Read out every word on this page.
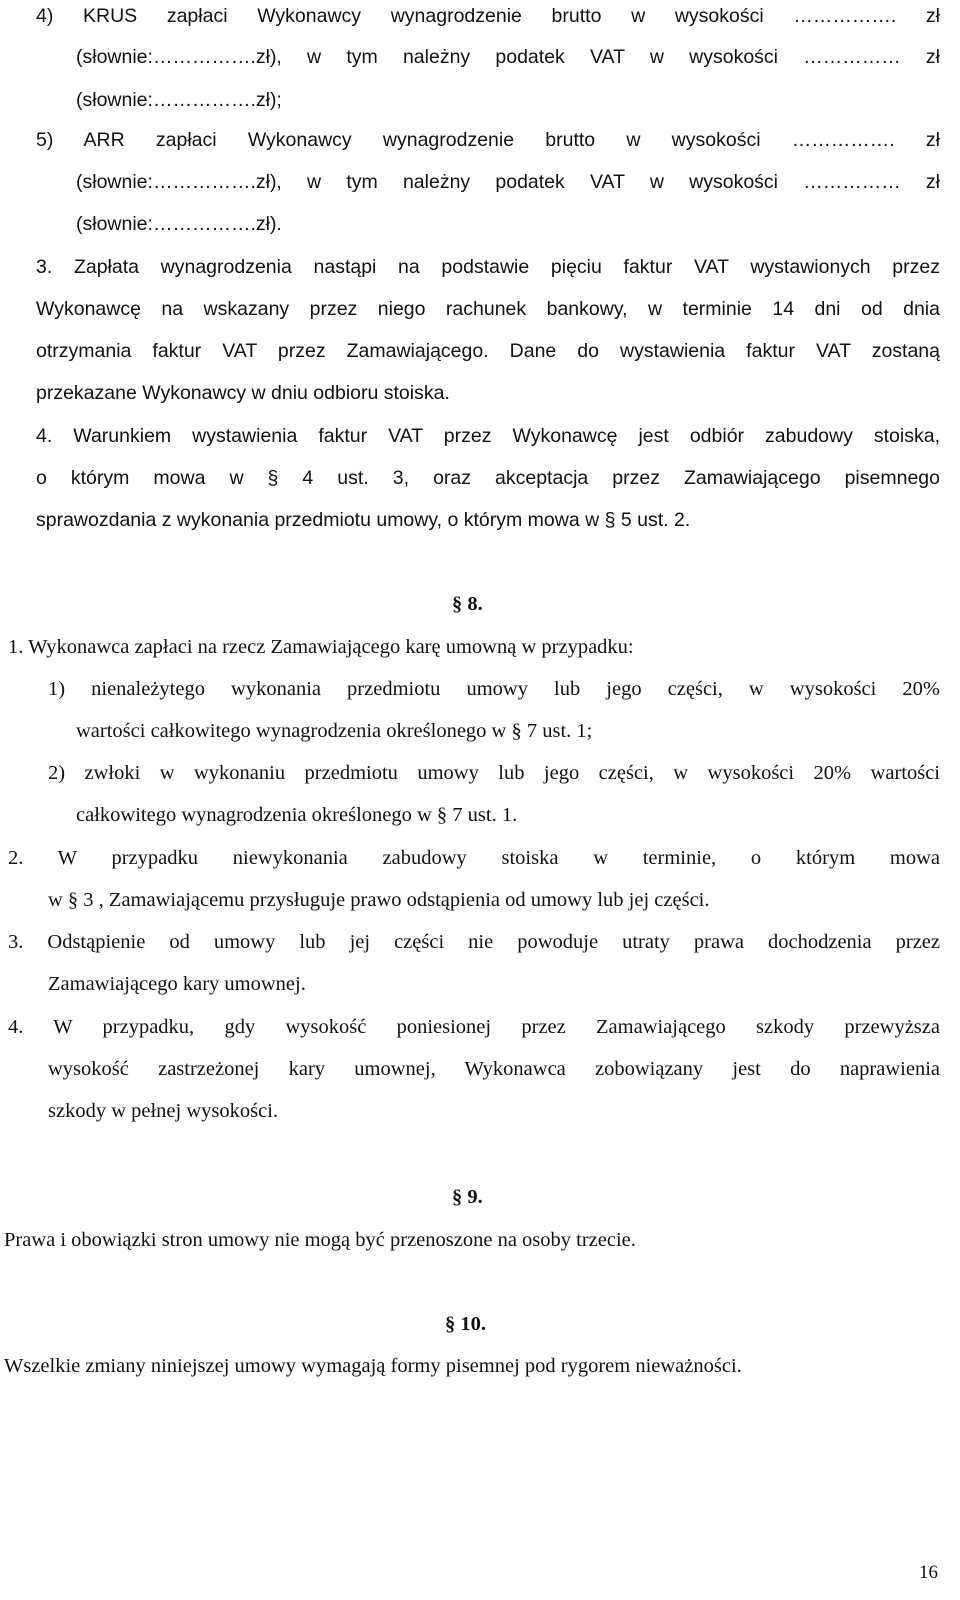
4) KRUS zapłaci Wykonawcy wynagrodzenie brutto w wysokości ……………. zł
(słownie:…………….zł), w tym należny podatek VAT w wysokości …………… zł
(słownie:…………….zł);
5) ARR zapłaci Wykonawcy wynagrodzenie brutto w wysokości ……………. zł
(słownie:…………….zł), w tym należny podatek VAT w wysokości …………… zł
(słownie:…………….zł).
3. Zapłata wynagrodzenia nastąpi na podstawie pięciu faktur VAT wystawionych przez
Wykonawcę na wskazany przez niego rachunek bankowy, w terminie 14 dni od dnia
otrzymania faktur VAT przez Zamawiającego. Dane do wystawienia faktur VAT zostaną
przekazane Wykonawcy w dniu odbioru stoiska.
4. Warunkiem wystawienia faktur VAT przez Wykonawcę jest odbiór zabudowy stoiska,
o którym mowa w § 4 ust. 3, oraz akceptacja przez Zamawiającego pisemnego
sprawozdania z wykonania przedmiotu umowy, o którym mowa w § 5 ust. 2.
§ 8.
1. Wykonawca zapłaci na rzecz Zamawiającego karę umowną w przypadku:
1) nienależytego wykonania przedmiotu umowy lub jego części, w wysokości 20%
wartości całkowitego wynagrodzenia określonego w § 7 ust. 1;
2) zwłoki w wykonaniu przedmiotu umowy lub jego części, w wysokości 20% wartości
całkowitego wynagrodzenia określonego w § 7 ust. 1.
2. W przypadku niewykonania zabudowy stoiska w terminie, o którym mowa
w § 3 , Zamawiającemu przysługuje prawo odstąpienia od umowy lub jej części.
3. Odstąpienie od umowy lub jej części nie powoduje utraty prawa dochodzenia przez
Zamawiającego kary umownej.
4. W przypadku, gdy wysokość poniesionej przez Zamawiającego szkody przewyższa
wysokość zastrzeżonej kary umownej, Wykonawca zobowiązany jest do naprawienia
szkody w pełnej wysokości.
§ 9.
Prawa i obowiązki stron umowy nie mogą być przenoszone na osoby trzecie.
§ 10.
Wszelkie zmiany niniejszej umowy wymagają formy pisemnej pod rygorem nieważności.
16
